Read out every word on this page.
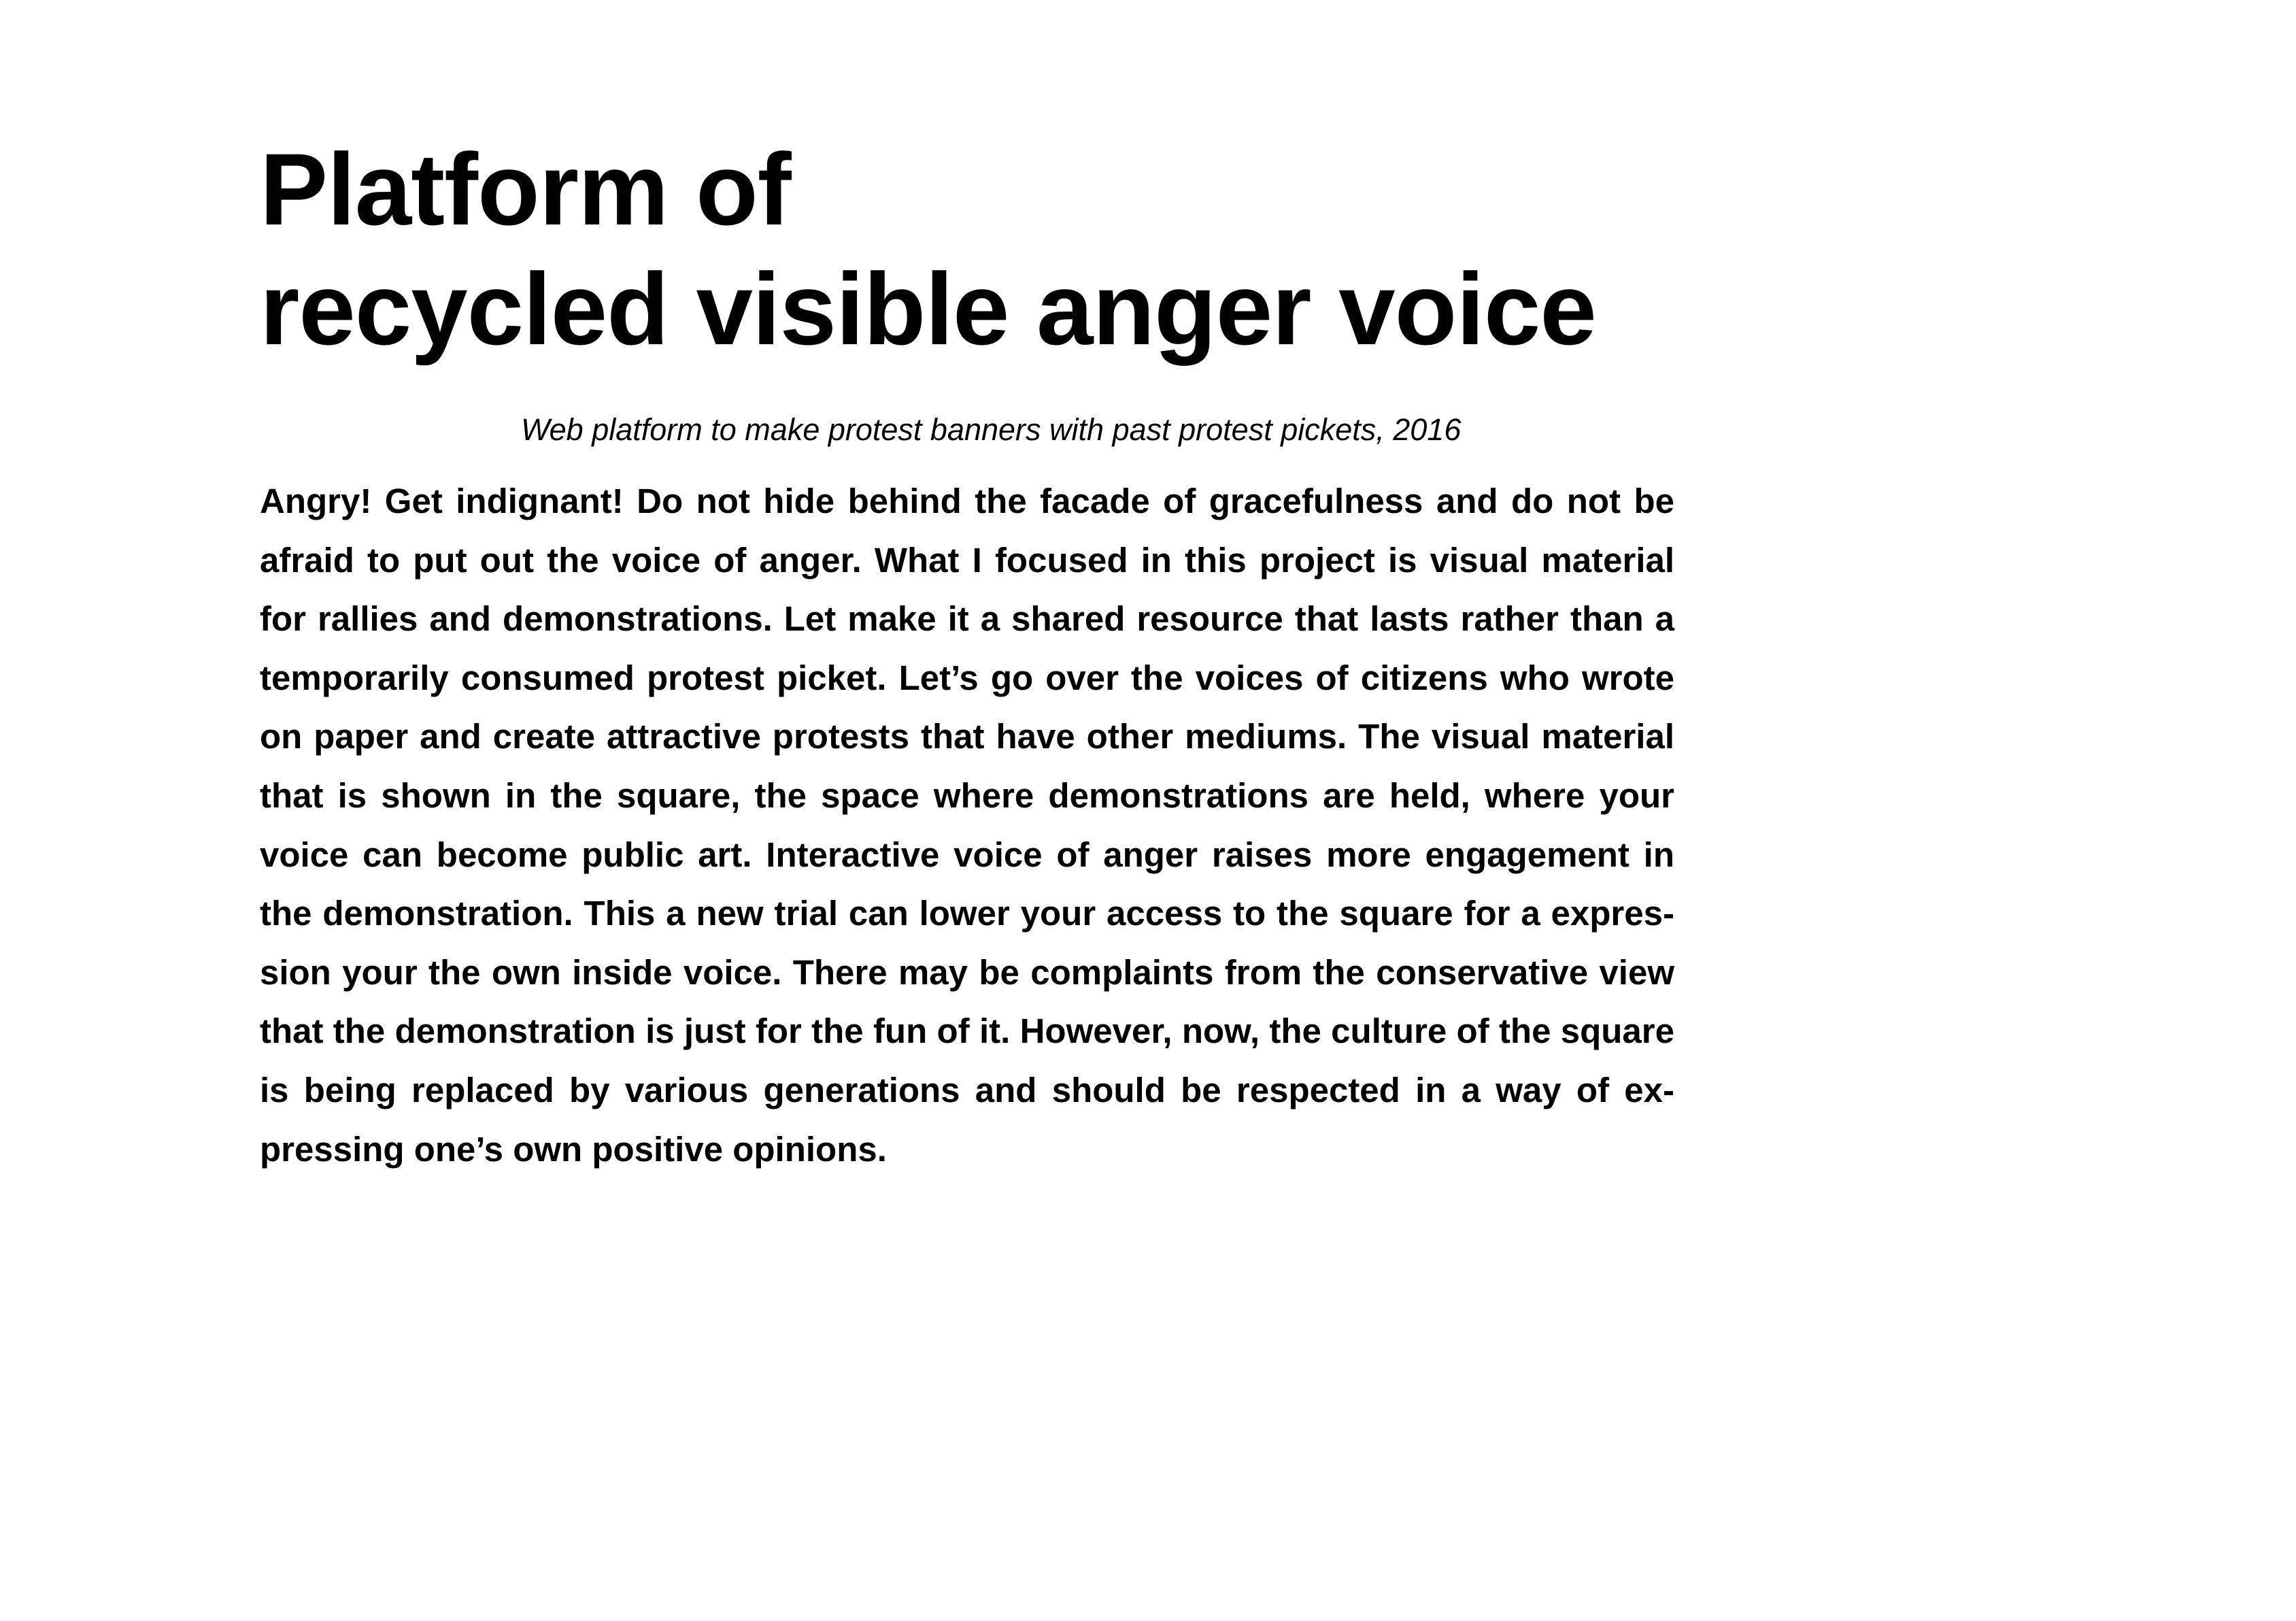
Platform of
recycled visible anger voice

Web platform to make protest banners with past protest pickets, 2016

Angry! Get indignant! Do not hide behind the facade of gracefulness and do not be afraid to put out the voice of anger. What I focused in this project is visual material for rallies and demonstrations. Let make it a shared resource that lasts rather than a temporarily consumed protest picket. Let’s go over the voices of citizens who wrote on paper and create attractive protests that have other mediums. The visual material that is shown in the square, the space where demonstrations are held, where your voice can become public art. Interactive voice of anger raises more engagement in the demonstration. This a new trial can lower your access to the square for a expression your the own inside voice. There may be complaints from the conservative view that the demonstration is just for the fun of it. However, now, the culture of the square is being replaced by various generations and should be respected in a way of expressing one’s own positive opinions.
